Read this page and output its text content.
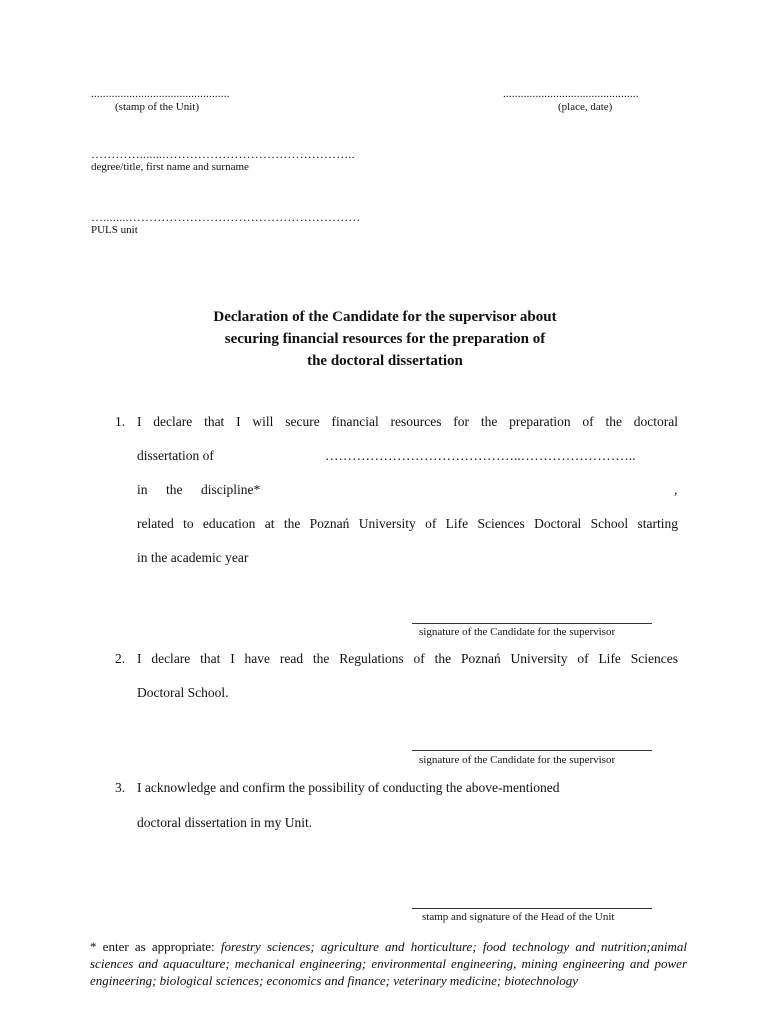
...............................................
(stamp of the Unit)
..............................................
(place, date)
…………........………………………………………..
degree/title, first name and surname
…........…………………………………………………
PULS unit
Declaration of the Candidate for the supervisor about
securing financial resources for the preparation of
the doctoral dissertation
1. I declare that I will secure financial resources for the preparation of the doctoral
dissertation of	……………………………………..……………………..
in the discipline*	,
related to education at the Poznań University of Life Sciences Doctoral School starting
in the academic year
signature of the Candidate for the supervisor
2. I declare that I have read the Regulations of the Poznań University of Life Sciences
Doctoral School.
signature of the Candidate for the supervisor
3. I acknowledge and confirm the possibility of conducting the above-mentioned
doctoral dissertation in my Unit.
stamp and signature of the Head of the Unit
* enter as appropriate: forestry sciences; agriculture and horticulture; food technology and nutrition;animal sciences and aquaculture; mechanical engineering; environmental engineering, mining engineering and power engineering; biological sciences; economics and finance; veterinary medicine; biotechnology
